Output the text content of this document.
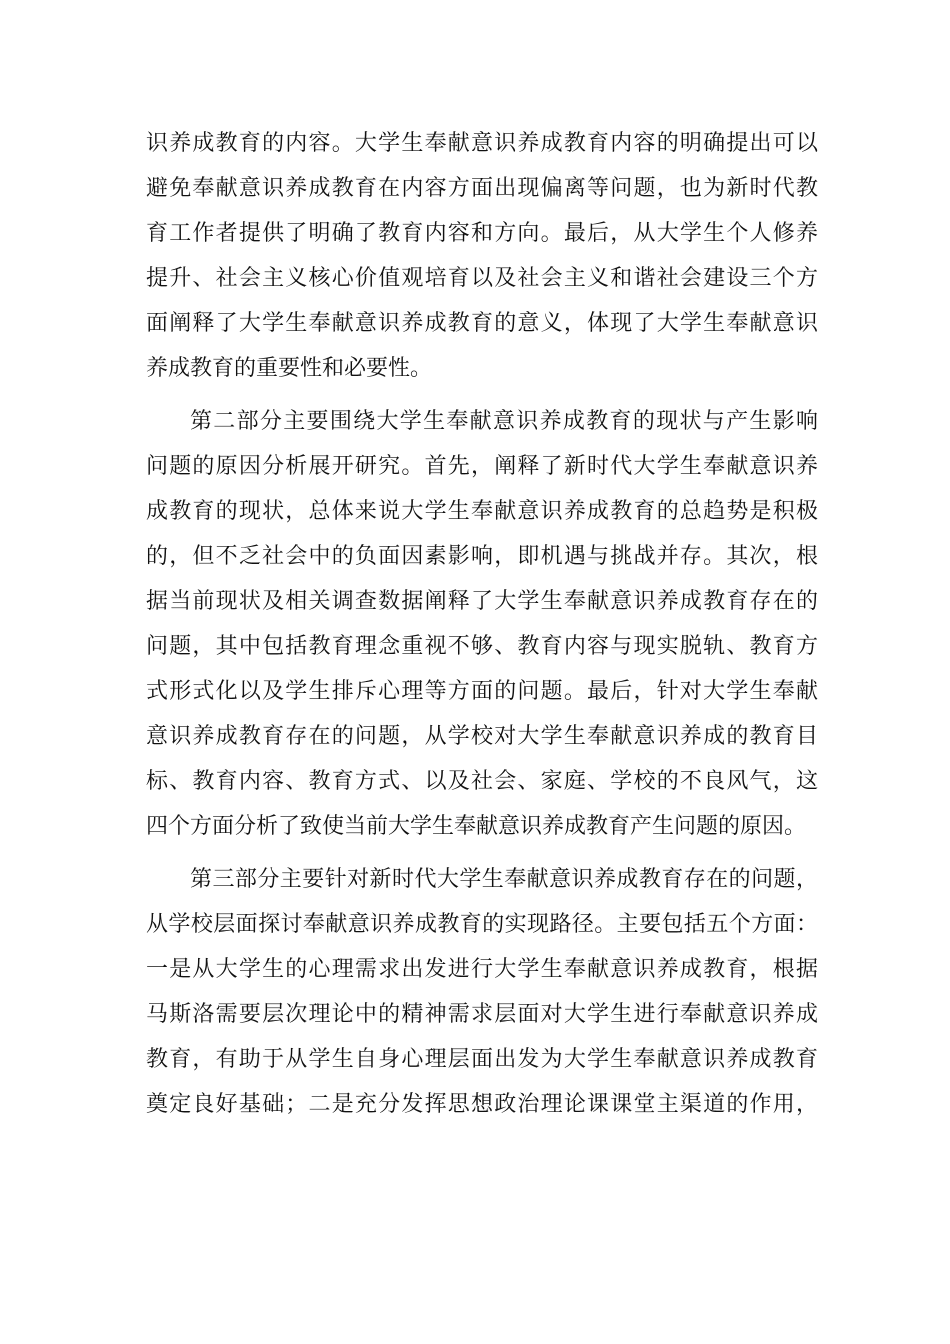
识养成教育的内容。大学生奉献意识养成教育内容的明确提出可以
避免奉献意识养成教育在内容方面出现偏离等问题，也为新时代教
育工作者提供了明确了教育内容和方向。最后，从大学生个人修养
提升、社会主义核心价值观培育以及社会主义和谐社会建设三个方
面阐释了大学生奉献意识养成教育的意义，体现了大学生奉献意识
养成教育的重要性和必要性。
第二部分主要围绕大学生奉献意识养成教育的现状与产生影响
问题的原因分析展开研究。首先，阐释了新时代大学生奉献意识养
成教育的现状，总体来说大学生奉献意识养成教育的总趋势是积极
的，但不乏社会中的负面因素影响，即机遇与挑战并存。其次，根
据当前现状及相关调查数据阐释了大学生奉献意识养成教育存在的
问题，其中包括教育理念重视不够、教育内容与现实脱轨、教育方
式形式化以及学生排斥心理等方面的问题。最后，针对大学生奉献
意识养成教育存在的问题，从学校对大学生奉献意识养成的教育目
标、教育内容、教育方式、以及社会、家庭、学校的不良风气，这
四个方面分析了致使当前大学生奉献意识养成教育产生问题的原因。
第三部分主要针对新时代大学生奉献意识养成教育存在的问题，
从学校层面探讨奉献意识养成教育的实现路径。主要包括五个方面：
一是从大学生的心理需求出发进行大学生奉献意识养成教育，根据
马斯洛需要层次理论中的精神需求层面对大学生进行奉献意识养成
教育，有助于从学生自身心理层面出发为大学生奉献意识养成教育
奠定良好基础；二是充分发挥思想政治理论课课堂主渠道的作用，
